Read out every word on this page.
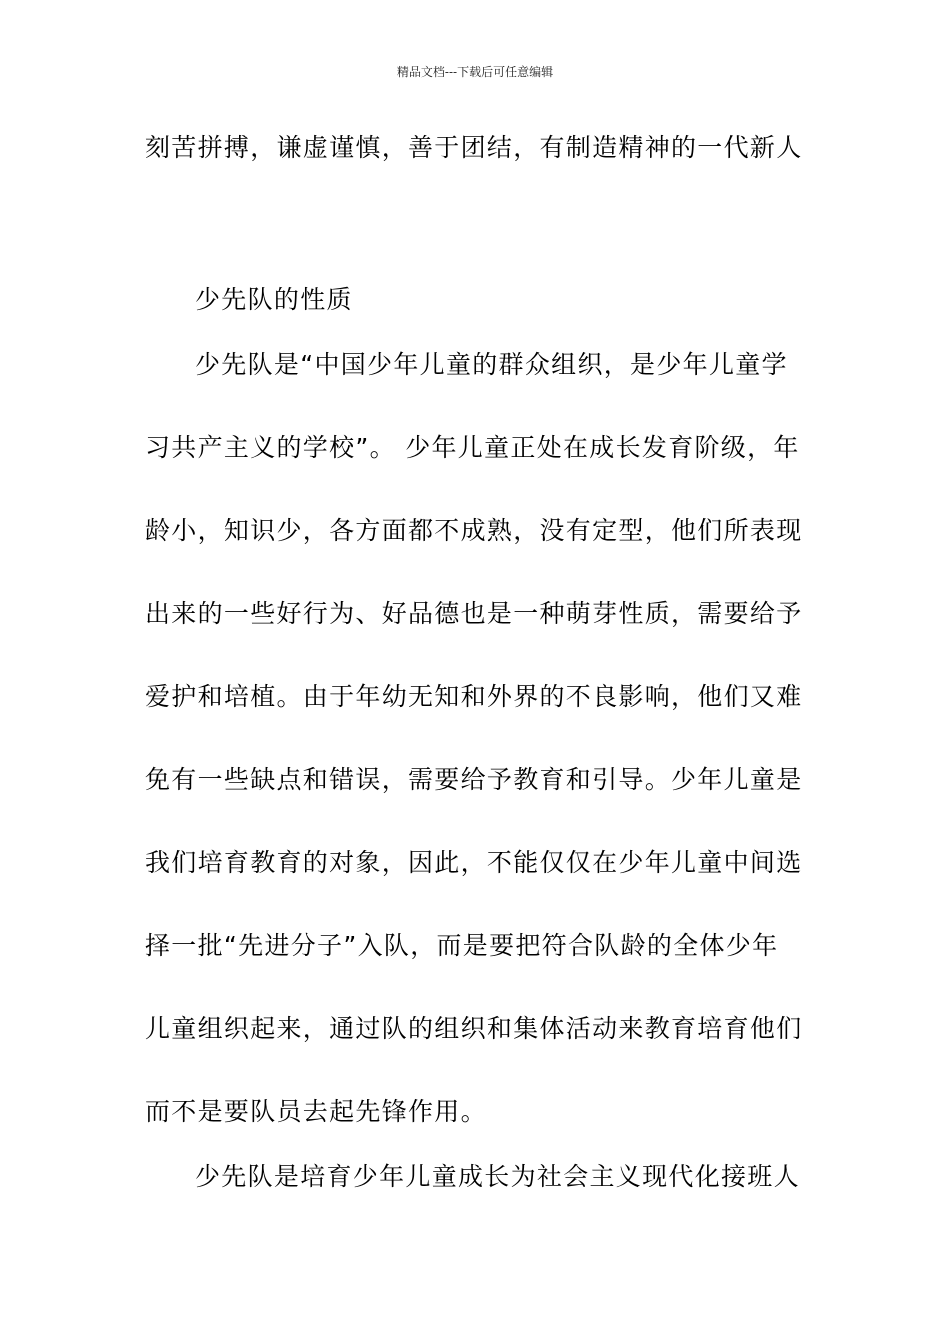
精品文档---下载后可任意编辑
刻苦拼搏，谦虚谨慎，善于团结，有制造精神的一代新人
少先队的性质
少先队是“中国少年儿童的群众组织，是少年儿童学
习共产主义的学校”。 少年儿童正处在成长发育阶级，年
龄小，知识少，各方面都不成熟，没有定型，他们所表现
出来的一些好行为、好品德也是一种萌芽性质，需要给予
爱护和培植。由于年幼无知和外界的不良影响，他们又难
免有一些缺点和错误，需要给予教育和引导。少年儿童是
我们培育教育的对象，因此，不能仅仅在少年儿童中间选
择一批“先进分子”入队，而是要把符合队龄的全体少年
儿童组织起来，通过队的组织和集体活动来教育培育他们
而不是要队员去起先锋作用。
少先队是培育少年儿童成长为社会主义现代化接班人
